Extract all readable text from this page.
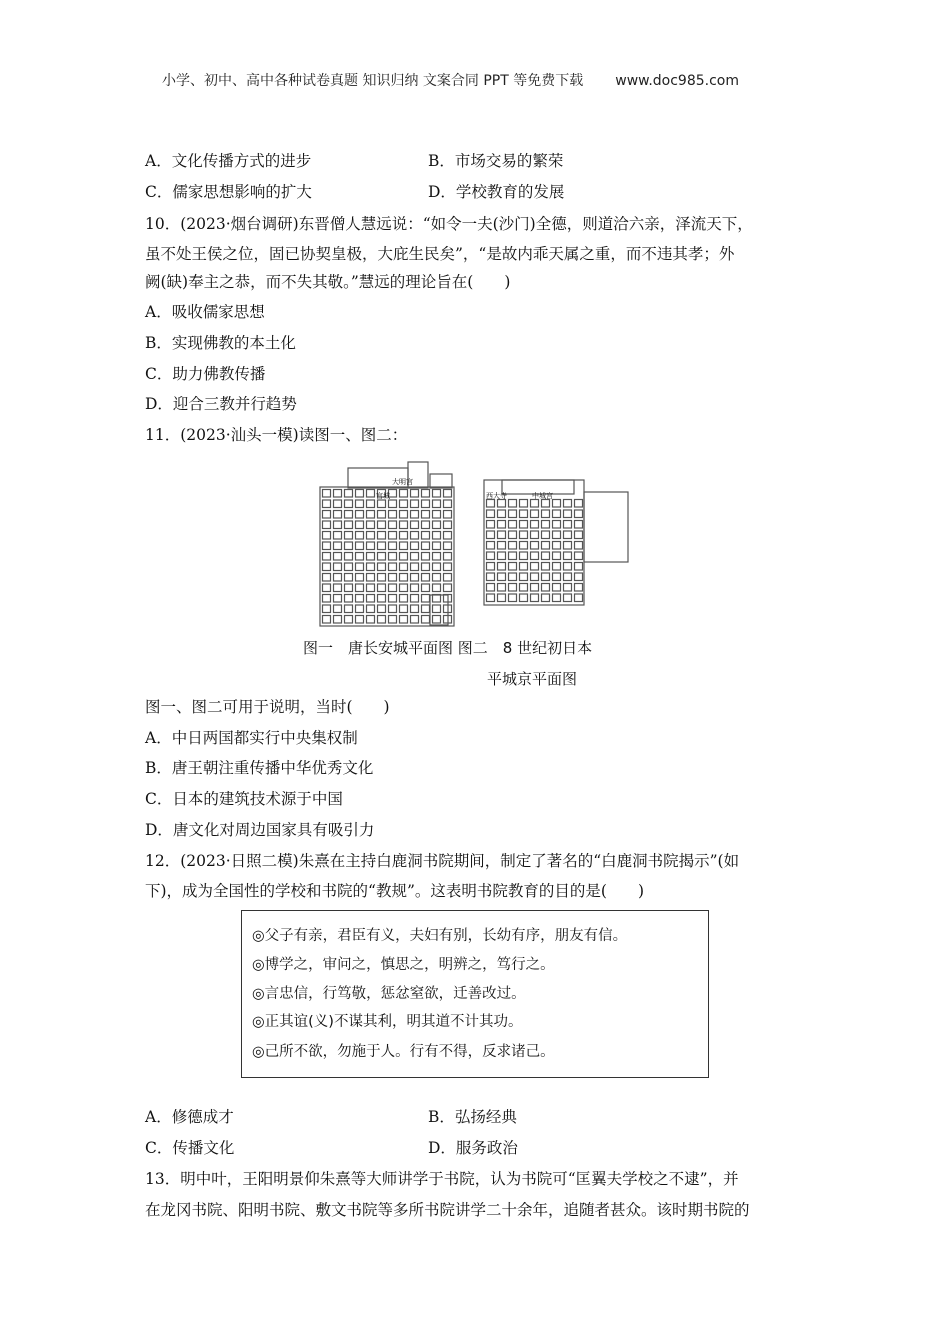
小学、初中、高中各种试卷真题 知识归纳 文案合同 PPT 等免费下载 www.doc985.com
A．文化传播方式的进步	B．市场交易的繁荣
C．儒家思想影响的扩大	D．学校教育的发展
10．(2023·烟台调研)东晋僧人慧远说：“如令一夫(沙门)全德，则道洽六亲，泽流天下，
虽不处王侯之位，固已协契皇极，大庇生民矣”，“是故内乖天属之重，而不违其孝；外
阙(缺)奉主之恭，而不失其敬。”慧远的理论旨在(　　)
A．吸收儒家思想
B．实现佛教的本土化
C．助力佛教传播
D．迎合三教并行趋势
11．(2023·汕头一模)读图一、图二：
宫城
大明宫
西大寺	中城宫
图一　唐长安城平面图 图二　8 世纪初日本
平城京平面图
图一、图二可用于说明，当时(　　)
A．中日两国都实行中央集权制
B．唐王朝注重传播中华优秀文化
C．日本的建筑技术源于中国
D．唐文化对周边国家具有吸引力
12．(2023·日照二模)朱熹在主持白鹿洞书院期间，制定了著名的“白鹿洞书院揭示”(如
下)，成为全国性的学校和书院的“教规”。这表明书院教育的目的是(　　)
◎父子有亲，君臣有义，夫妇有别，长幼有序，朋友有信。
◎博学之，审问之，慎思之，明辨之，笃行之。
◎言忠信，行笃敬，惩忿窒欲，迁善改过。
◎正其谊(义)不谋其利，明其道不计其功。
◎己所不欲，勿施于人。行有不得，反求诸己。
A．修德成才	B．弘扬经典
C．传播文化	D．服务政治
13．明中叶，王阳明景仰朱熹等大师讲学于书院，认为书院可“匡翼夫学校之不逮”，并
在龙冈书院、阳明书院、敷文书院等多所书院讲学二十余年，追随者甚众。该时期书院的
